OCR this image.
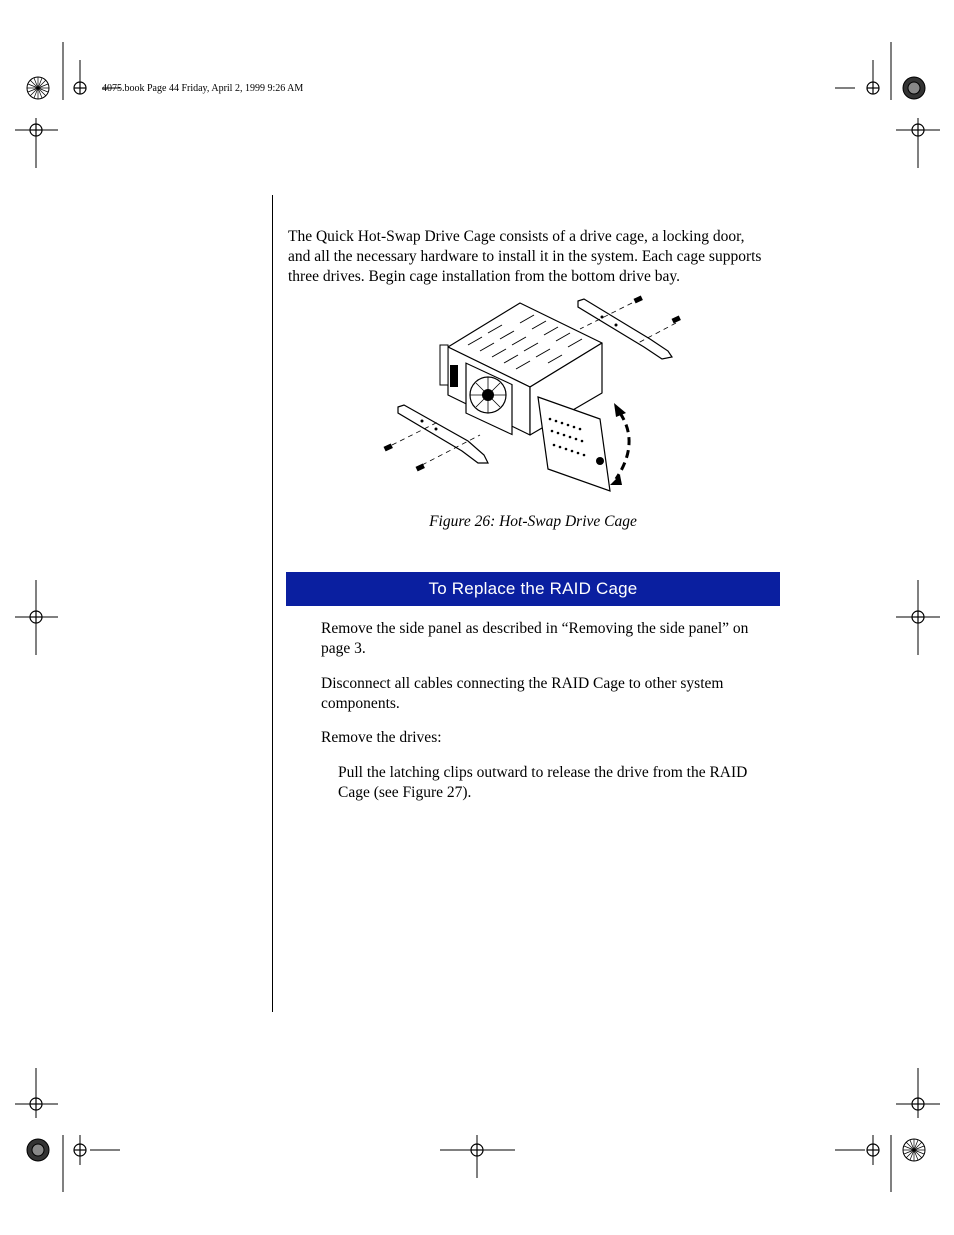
4075.book Page 44 Friday, April 2, 1999 9:26 AM

The Quick Hot-Swap Drive Cage consists of a drive cage, a locking door, and all the necessary hardware to install it in the system. Each cage supports three drives. Begin cage installation from the bottom drive bay.

Figure 26: Hot-Swap Drive Cage
To Replace the RAID Cage

Remove the side panel as described in “Removing the side panel” on page 3.

Disconnect all cables connecting the RAID Cage to other system components.

Remove the drives:

Pull the latching clips outward to release the drive from the RAID Cage (see Figure 27).
